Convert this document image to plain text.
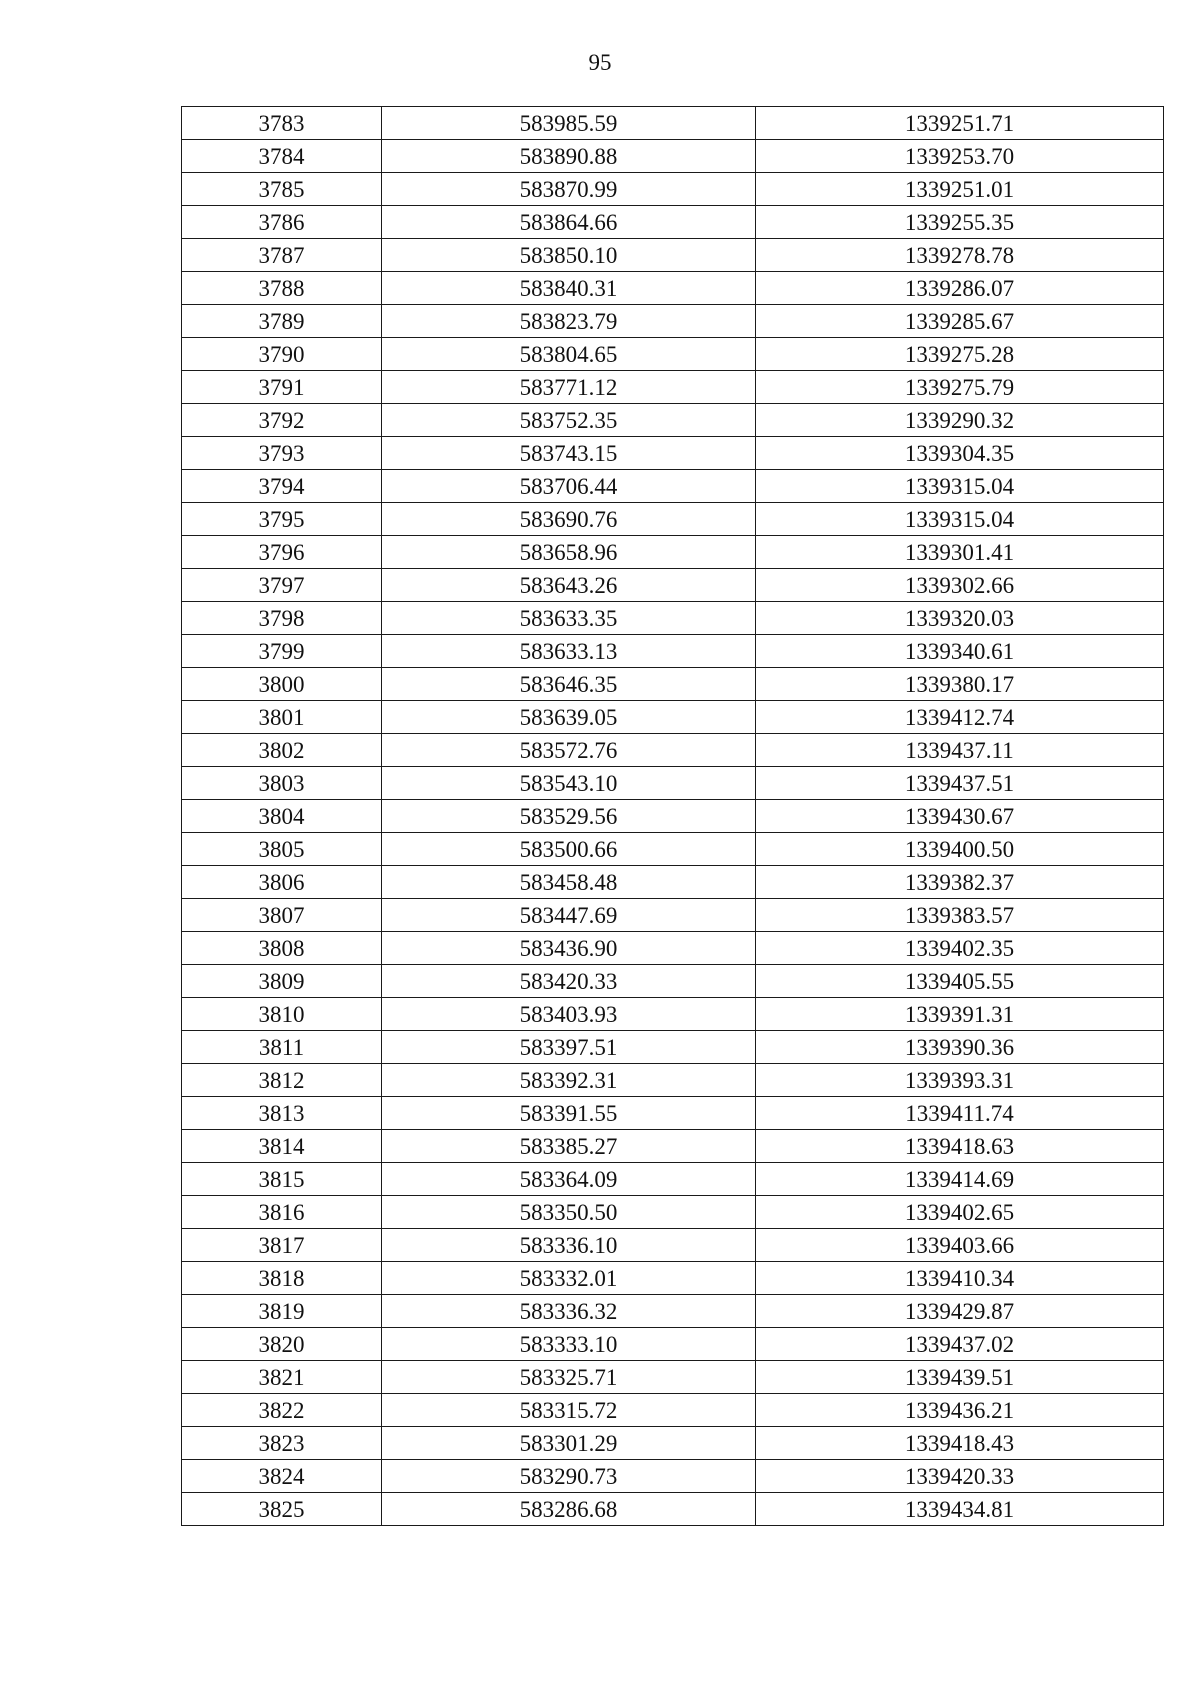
95
3783	583985.59	1339251.71
3784	583890.88	1339253.70
3785	583870.99	1339251.01
3786	583864.66	1339255.35
3787	583850.10	1339278.78
3788	583840.31	1339286.07
3789	583823.79	1339285.67
3790	583804.65	1339275.28
3791	583771.12	1339275.79
3792	583752.35	1339290.32
3793	583743.15	1339304.35
3794	583706.44	1339315.04
3795	583690.76	1339315.04
3796	583658.96	1339301.41
3797	583643.26	1339302.66
3798	583633.35	1339320.03
3799	583633.13	1339340.61
3800	583646.35	1339380.17
3801	583639.05	1339412.74
3802	583572.76	1339437.11
3803	583543.10	1339437.51
3804	583529.56	1339430.67
3805	583500.66	1339400.50
3806	583458.48	1339382.37
3807	583447.69	1339383.57
3808	583436.90	1339402.35
3809	583420.33	1339405.55
3810	583403.93	1339391.31
3811	583397.51	1339390.36
3812	583392.31	1339393.31
3813	583391.55	1339411.74
3814	583385.27	1339418.63
3815	583364.09	1339414.69
3816	583350.50	1339402.65
3817	583336.10	1339403.66
3818	583332.01	1339410.34
3819	583336.32	1339429.87
3820	583333.10	1339437.02
3821	583325.71	1339439.51
3822	583315.72	1339436.21
3823	583301.29	1339418.43
3824	583290.73	1339420.33
3825	583286.68	1339434.81
